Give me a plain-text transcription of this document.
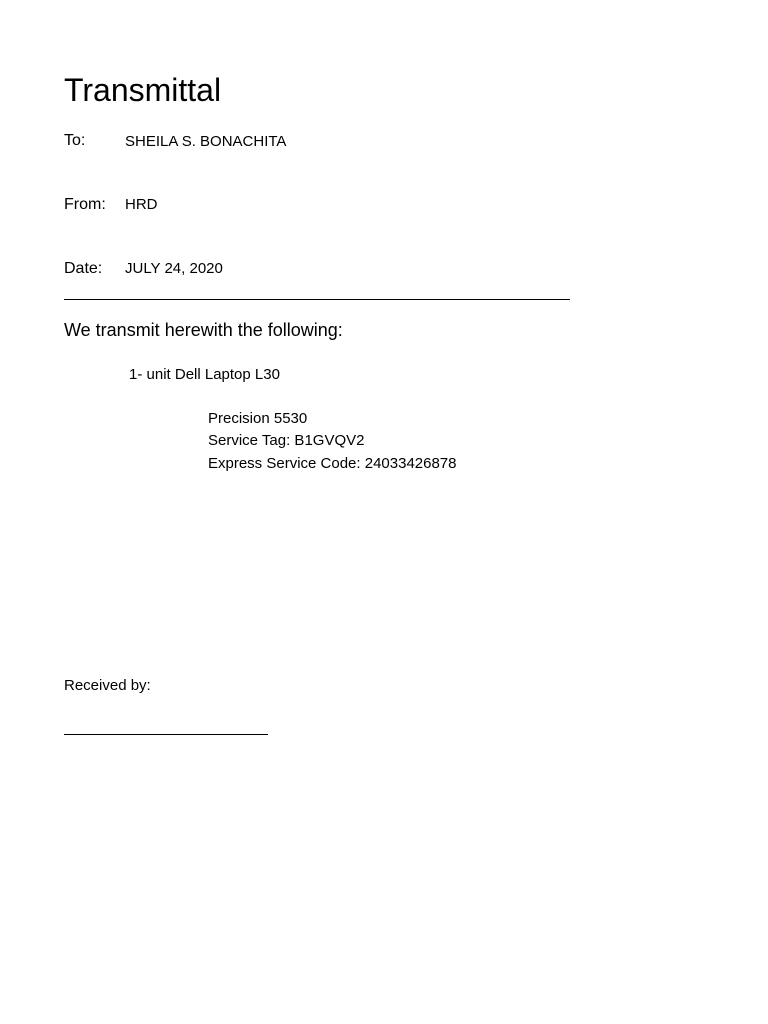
Transmittal
To:	SHEILA S. BONACHITA
From: HRD
Date: JULY 24, 2020
We transmit herewith the following:
1- unit Dell Laptop L30
Precision 5530
Service Tag: B1GVQV2
Express Service Code: 24033426878
Received by:
